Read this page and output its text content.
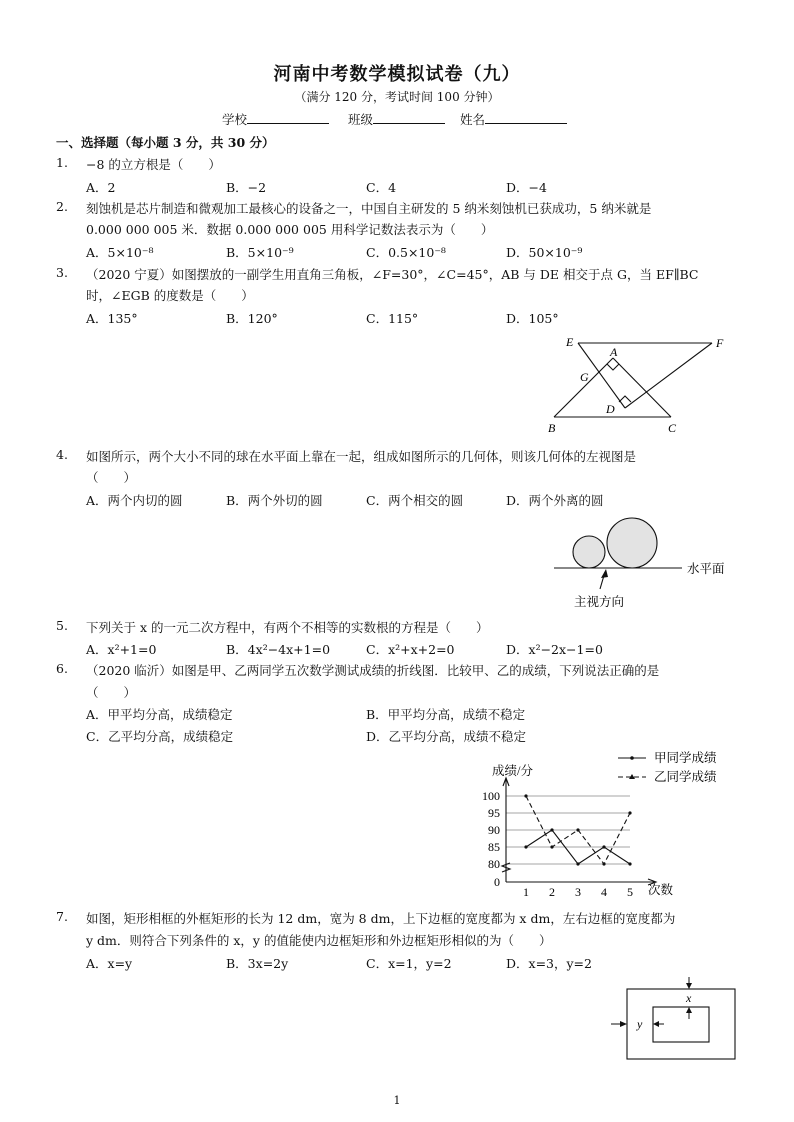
河南中考数学模拟试卷（九）
（满分 120 分，考试时间 100 分钟）
学校	班级	姓名
一、选择题（每小题 3 分，共 30 分）
1. −8 的立方根是（　　）
A．2	B．−2	C．4	D．−4
2. 刻蚀机是芯片制造和微观加工最核心的设备之一，中国自主研发的 5 纳米刻蚀机已获成功，5 纳米就是
0.000 000 005 米．数据 0.000 000 005 用科学记数法表示为（　　）
A．5×10⁻⁸	B．5×10⁻⁹	C．0.5×10⁻⁸	D．50×10⁻⁹
3. （2020 宁夏）如图摆放的一副学生用直角三角板，∠F=30°，∠C=45°，AB 与 DE 相交于点 G，当 EF∥BC
时，∠EGB 的度数是（　　）
A．135°	B．120°	C．115°	D．105°
E
A
F
G
D
B	C
4. 如图所示，两个大小不同的球在水平面上靠在一起，组成如图所示的几何体，则该几何体的左视图是
（　　）
A．两个内切的圆	B．两个外切的圆	C．两个相交的圆	D．两个外离的圆
水平面
主视方向
5. 下列关于 x 的一元二次方程中，有两个不相等的实数根的方程是（　　）
A．x²+1=0	B．4x²−4x+1=0	C．x²+x+2=0	D．x²−2x−1=0
6. （2020 临沂）如图是甲、乙两同学五次数学测试成绩的折线图．比较甲、乙的成绩，下列说法正确的是
（　　）
A．甲平均分高，成绩稳定	B．甲平均分高，成绩不稳定
C．乙平均分高，成绩稳定	D．乙平均分高，成绩不稳定
成绩/分
次数
0
80
85
90
95
100
1 2 3 4 5
甲同学成绩
乙同学成绩
7. 如图，矩形相框的外框矩形的长为 12 dm，宽为 8 dm，上下边框的宽度都为 x dm，左右边框的宽度都为
y dm．则符合下列条件的 x，y 的值能使内边框矩形和外边框矩形相似的为（　　）
A．x=y	B．3x=2y	C．x=1，y=2	D．x=3，y=2
x
y
1
